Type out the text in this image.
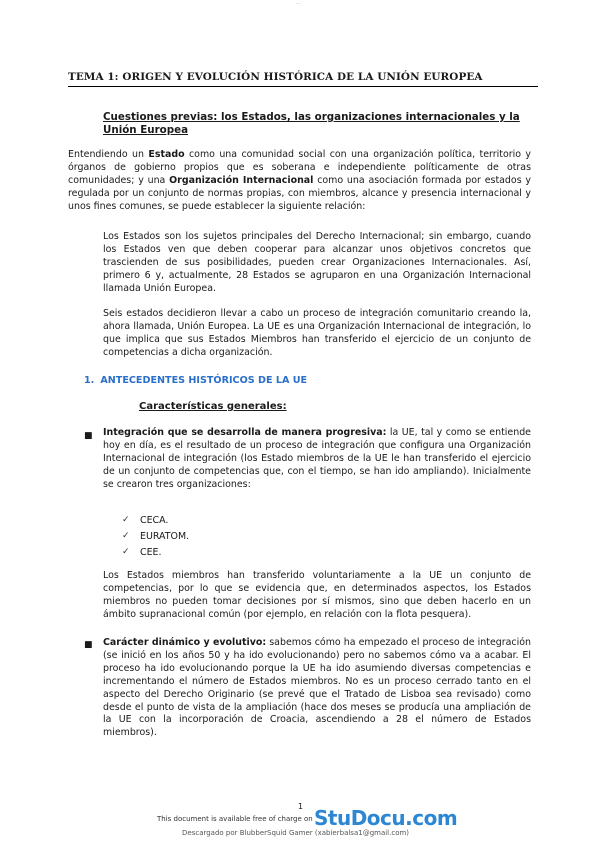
...
TEMA 1: ORIGEN Y EVOLUCIÓN HISTÓRICA DE LA UNIÓN EUROPEA
Cuestiones previas: los Estados, las organizaciones internacionales y la Unión Europea
Entendiendo un Estado como una comunidad social con una organización política, territorio y órganos de gobierno propios que es soberana e independiente políticamente de otras comunidades; y una Organización Internacional como una asociación formada por estados y regulada por un conjunto de normas propias, con miembros, alcance y presencia internacional y unos fines comunes, se puede establecer la siguiente relación:
Los Estados son los sujetos principales del Derecho Internacional; sin embargo, cuando los Estados ven que deben cooperar para alcanzar unos objetivos concretos que trascienden de sus posibilidades, pueden crear Organizaciones Internacionales. Así, primero 6 y, actualmente, 28 Estados se agruparon en una Organización Internacional llamada Unión Europea.
Seis estados decidieron llevar a cabo un proceso de integración comunitario creando la, ahora llamada, Unión Europea. La UE es una Organización Internacional de integración, lo que implica que sus Estados Miembros han transferido el ejercicio de un conjunto de competencias a dicha organización.
1. ANTECEDENTES HISTÓRICOS DE LA UE
Características generales:
■ Integración que se desarrolla de manera progresiva: la UE, tal y como se entiende hoy en día, es el resultado de un proceso de integración que configura una Organización Internacional de integración (los Estado miembros de la UE le han transferido el ejercicio de un conjunto de competencias que, con el tiempo, se han ido ampliando). Inicialmente se crearon tres organizaciones:
✓	CECA.
✓	EURATOM.
✓	CEE.
Los Estados miembros han transferido voluntariamente a la UE un conjunto de competencias, por lo que se evidencia que, en determinados aspectos, los Estados miembros no pueden tomar decisiones por sí mismos, sino que deben hacerlo en un ámbito supranacional común (por ejemplo, en relación con la flota pesquera).
■ Carácter dinámico y evolutivo: sabemos cómo ha empezado el proceso de integración (se inició en los años 50 y ha ido evolucionando) pero no sabemos cómo va a acabar. El proceso ha ido evolucionando porque la UE ha ido asumiendo diversas competencias e incrementando el número de Estados miembros. No es un proceso cerrado tanto en el aspecto del Derecho Originario (se prevé que el Tratado de Lisboa sea revisado) como desde el punto de vista de la ampliación (hace dos meses se producía una ampliación de la UE con la incorporación de Croacia, ascendiendo a 28 el número de Estados miembros).
1
This document is available free of charge on StuDocu.com
Descargado por BlubberSquid Gamer (xabierbalsa1@gmail.com)
